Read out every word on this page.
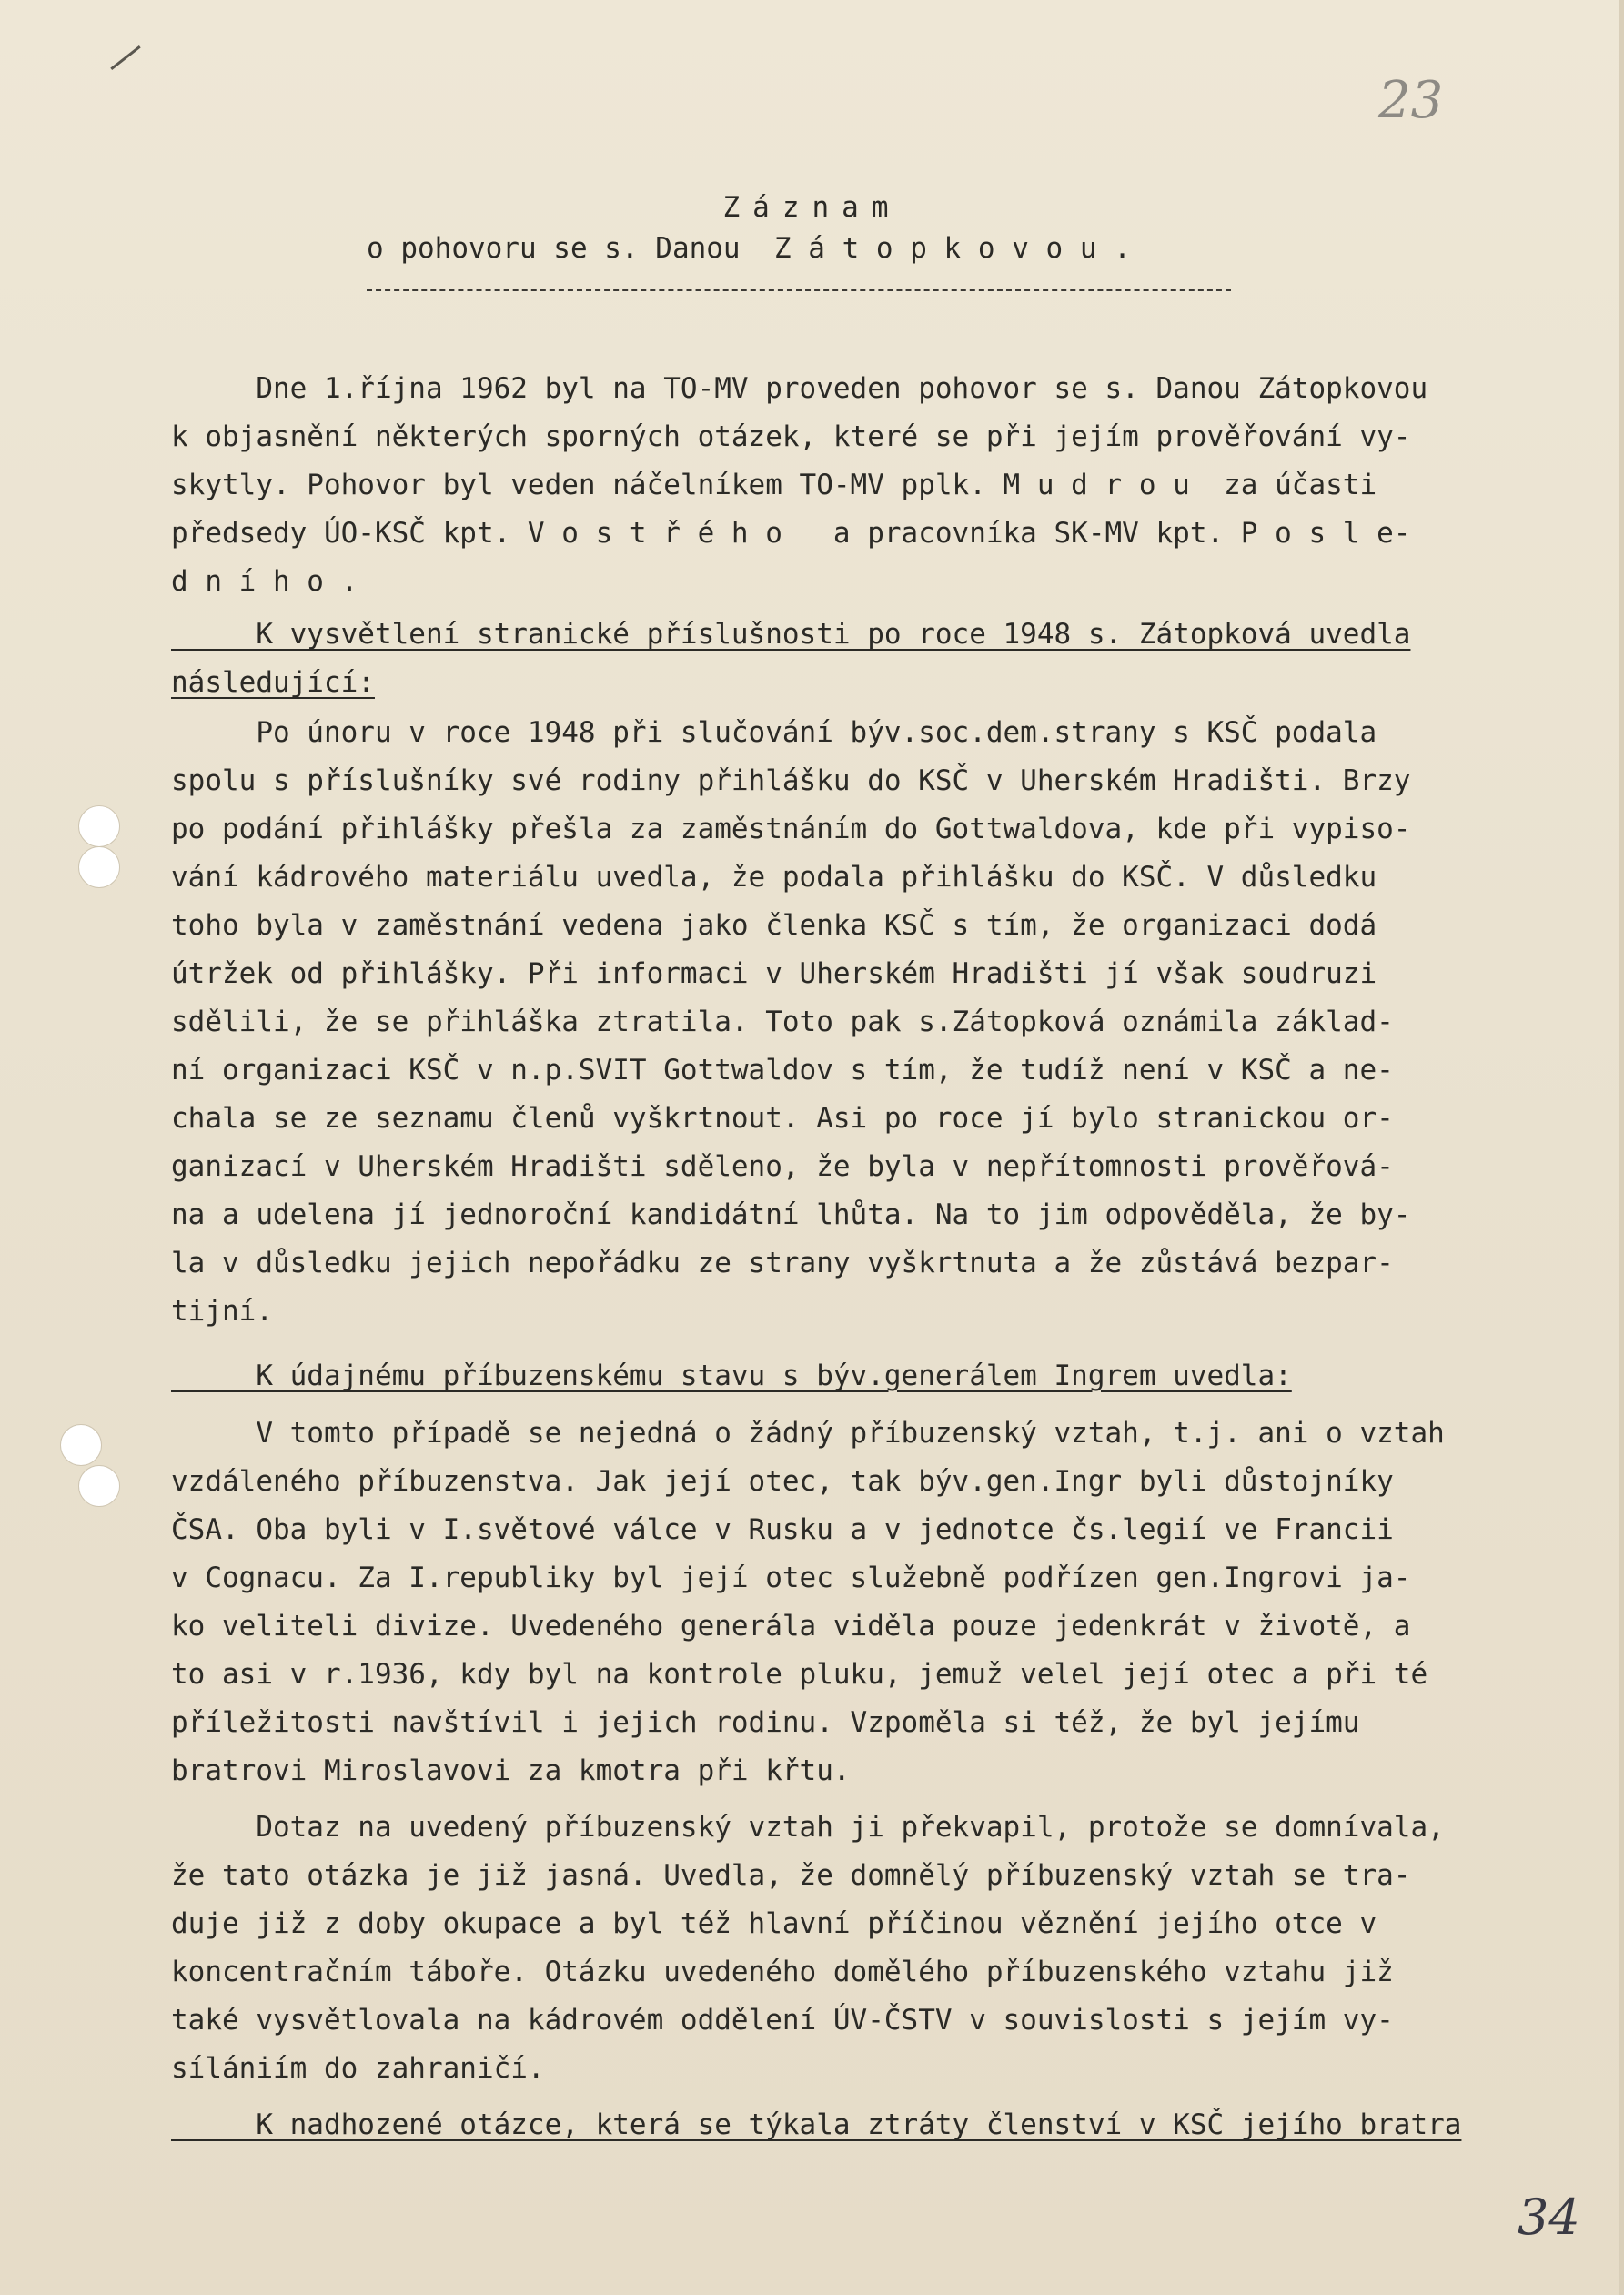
23
Záznam
o pohovoru se s. Danou  Z á t o p k o v o u .
Dne 1.října 1962 byl na TO-MV proveden pohovor se s. Danou Zátopkovou
k objasnění některých sporných otázek, které se při jejím prověřování vy-
skytly. Pohovor byl veden náčelníkem TO-MV pplk. M u d r o u  za účasti
předsedy ÚO-KSČ kpt. V o s t ř é h o   a pracovníka SK-MV kpt. P o s l e-
d n í h o .
K vysvětlení stranické příslušnosti po roce 1948 s. Zátopková uvedla
následující:
Po únoru v roce 1948 při slučování býv.soc.dem.strany s KSČ podala
spolu s příslušníky své rodiny přihlášku do KSČ v Uherském Hradišti. Brzy
po podání přihlášky přešla za zaměstnáním do Gottwaldova, kde při vypiso-
vání kádrového materiálu uvedla, že podala přihlášku do KSČ. V důsledku
toho byla v zaměstnání vedena jako členka KSČ s tím, že organizaci dodá
útržek od přihlášky. Při informaci v Uherském Hradišti jí však soudruzi
sdělili, že se přihláška ztratila. Toto pak s.Zátopková oznámila základ-
ní organizaci KSČ v n.p.SVIT Gottwaldov s tím, že tudíž není v KSČ a ne-
chala se ze seznamu členů vyškrtnout. Asi po roce jí bylo stranickou or-
ganizací v Uherském Hradišti sděleno, že byla v nepřítomnosti prověřová-
na a udelena jí jednoroční kandidátní lhůta. Na to jim odpověděla, že by-
la v důsledku jejich nepořádku ze strany vyškrtnuta a že zůstává bezpar-
tijní.
K údajnému příbuzenskému stavu s býv.generálem Ingrem uvedla:
V tomto případě se nejedná o žádný příbuzenský vztah, t.j. ani o vztah
vzdáleného příbuzenstva. Jak její otec, tak býv.gen.Ingr byli důstojníky
ČSA. Oba byli v I.světové válce v Rusku a v jednotce čs.legií ve Francii
v Cognacu. Za I.republiky byl její otec služebně podřízen gen.Ingrovi ja-
ko veliteli divize. Uvedeného generála viděla pouze jedenkrát v životě, a
to asi v r.1936, kdy byl na kontrole pluku, jemuž velel její otec a při té
příležitosti navštívil i jejich rodinu. Vzpoměla si též, že byl jejímu
bratrovi Miroslavovi za kmotra při křtu.
Dotaz na uvedený příbuzenský vztah ji překvapil, protože se domnívala,
že tato otázka je již jasná. Uvedla, že domnělý příbuzenský vztah se tra-
duje již z doby okupace a byl též hlavní příčinou věznění jejího otce v
koncentračním táboře. Otázku uvedeného domělého příbuzenského vztahu již
také vysvětlovala na kádrovém oddělení ÚV-ČSTV v souvislosti s jejím vy-
sílániím do zahraničí.
K nadhozené otázce, která se týkala ztráty členství v KSČ jejího bratra
34
